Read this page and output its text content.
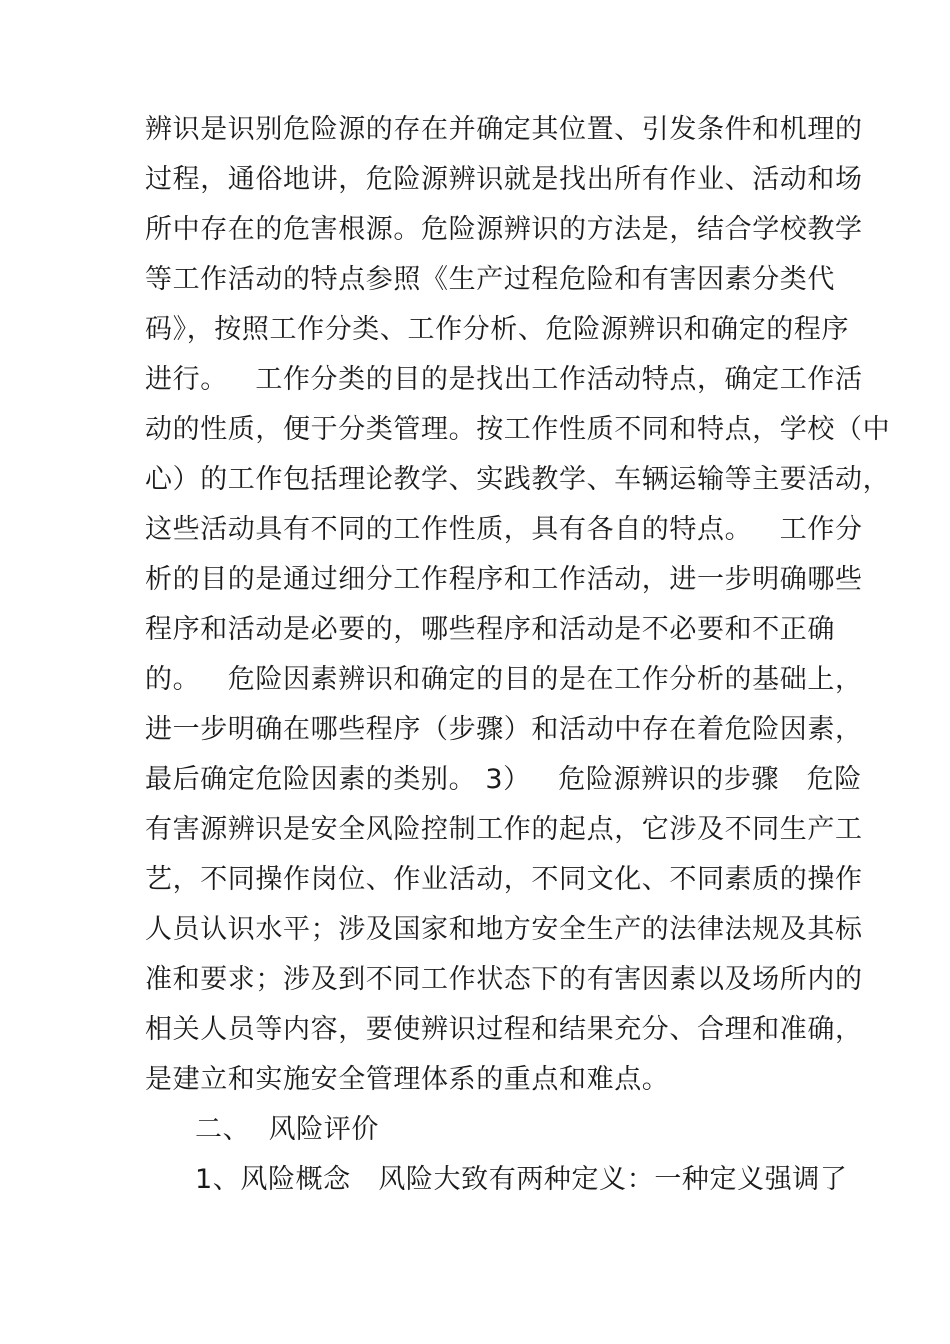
辨识是识别危险源的存在并确定其位置、引发条件和机理的
过程，通俗地讲，危险源辨识就是找出所有作业、活动和场
所中存在的危害根源。危险源辨识的方法是，结合学校教学
等工作活动的特点参照《生产过程危险和有害因素分类代
码》，按照工作分类、工作分析、危险源辨识和确定的程序
进行。   工作分类的目的是找出工作活动特点，确定工作活
动的性质，便于分类管理。按工作性质不同和特点，学校（中
心）的工作包括理论教学、实践教学、车辆运输等主要活动，
这些活动具有不同的工作性质，具有各自的特点。   工作分
析的目的是通过细分工作程序和工作活动，进一步明确哪些
程序和活动是必要的，哪些程序和活动是不必要和不正确
的。   危险因素辨识和确定的目的是在工作分析的基础上，
进一步明确在哪些程序（步骤）和活动中存在着危险因素，
最后确定危险因素的类别。 3）   危险源辨识的步骤   危险
有害源辨识是安全风险控制工作的起点，它涉及不同生产工
艺，不同操作岗位、作业活动，不同文化、不同素质的操作
人员认识水平；涉及国家和地方安全生产的法律法规及其标
准和要求；涉及到不同工作状态下的有害因素以及场所内的
相关人员等内容，要使辨识过程和结果充分、合理和准确，
是建立和实施安全管理体系的重点和难点。
二、  风险评价
1、风险概念   风险大致有两种定义：一种定义强调了
